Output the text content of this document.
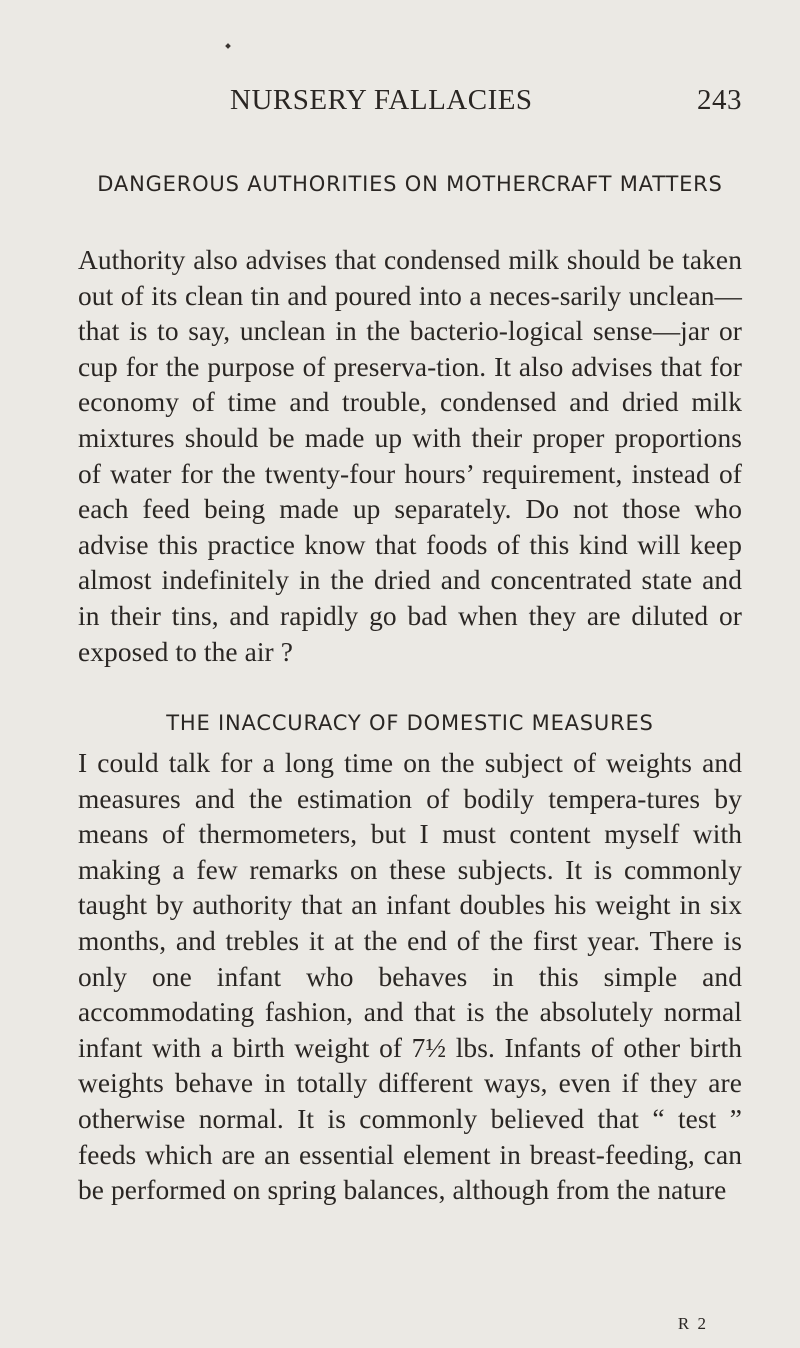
NURSERY FALLACIES	243
DANGEROUS AUTHORITIES ON MOTHERCRAFT MATTERS

Authority also advises that condensed milk should be taken out of its clean tin and poured into a neces-sarily unclean—that is to say, unclean in the bacterio-logical sense—jar or cup for the purpose of preserva-tion. It also advises that for economy of time and trouble, condensed and dried milk mixtures should be made up with their proper proportions of water for the twenty-four hours’ requirement, instead of each feed being made up separately. Do not those who advise this practice know that foods of this kind will keep almost indefinitely in the dried and concentrated state and in their tins, and rapidly go bad when they are diluted or exposed to the air ?

THE INACCURACY OF DOMESTIC MEASURES

I could talk for a long time on the subject of weights and measures and the estimation of bodily tempera-tures by means of thermometers, but I must content myself with making a few remarks on these subjects. It is commonly taught by authority that an infant doubles his weight in six months, and trebles it at the end of the first year. There is only one infant who behaves in this simple and accommodating fashion, and that is the absolutely normal infant with a birth weight of 7½ lbs. Infants of other birth weights behave in totally different ways, even if they are otherwise normal. It is commonly believed that “ test ” feeds which are an essential element in breast-feeding, can be performed on spring balances, although from the nature

R 2
